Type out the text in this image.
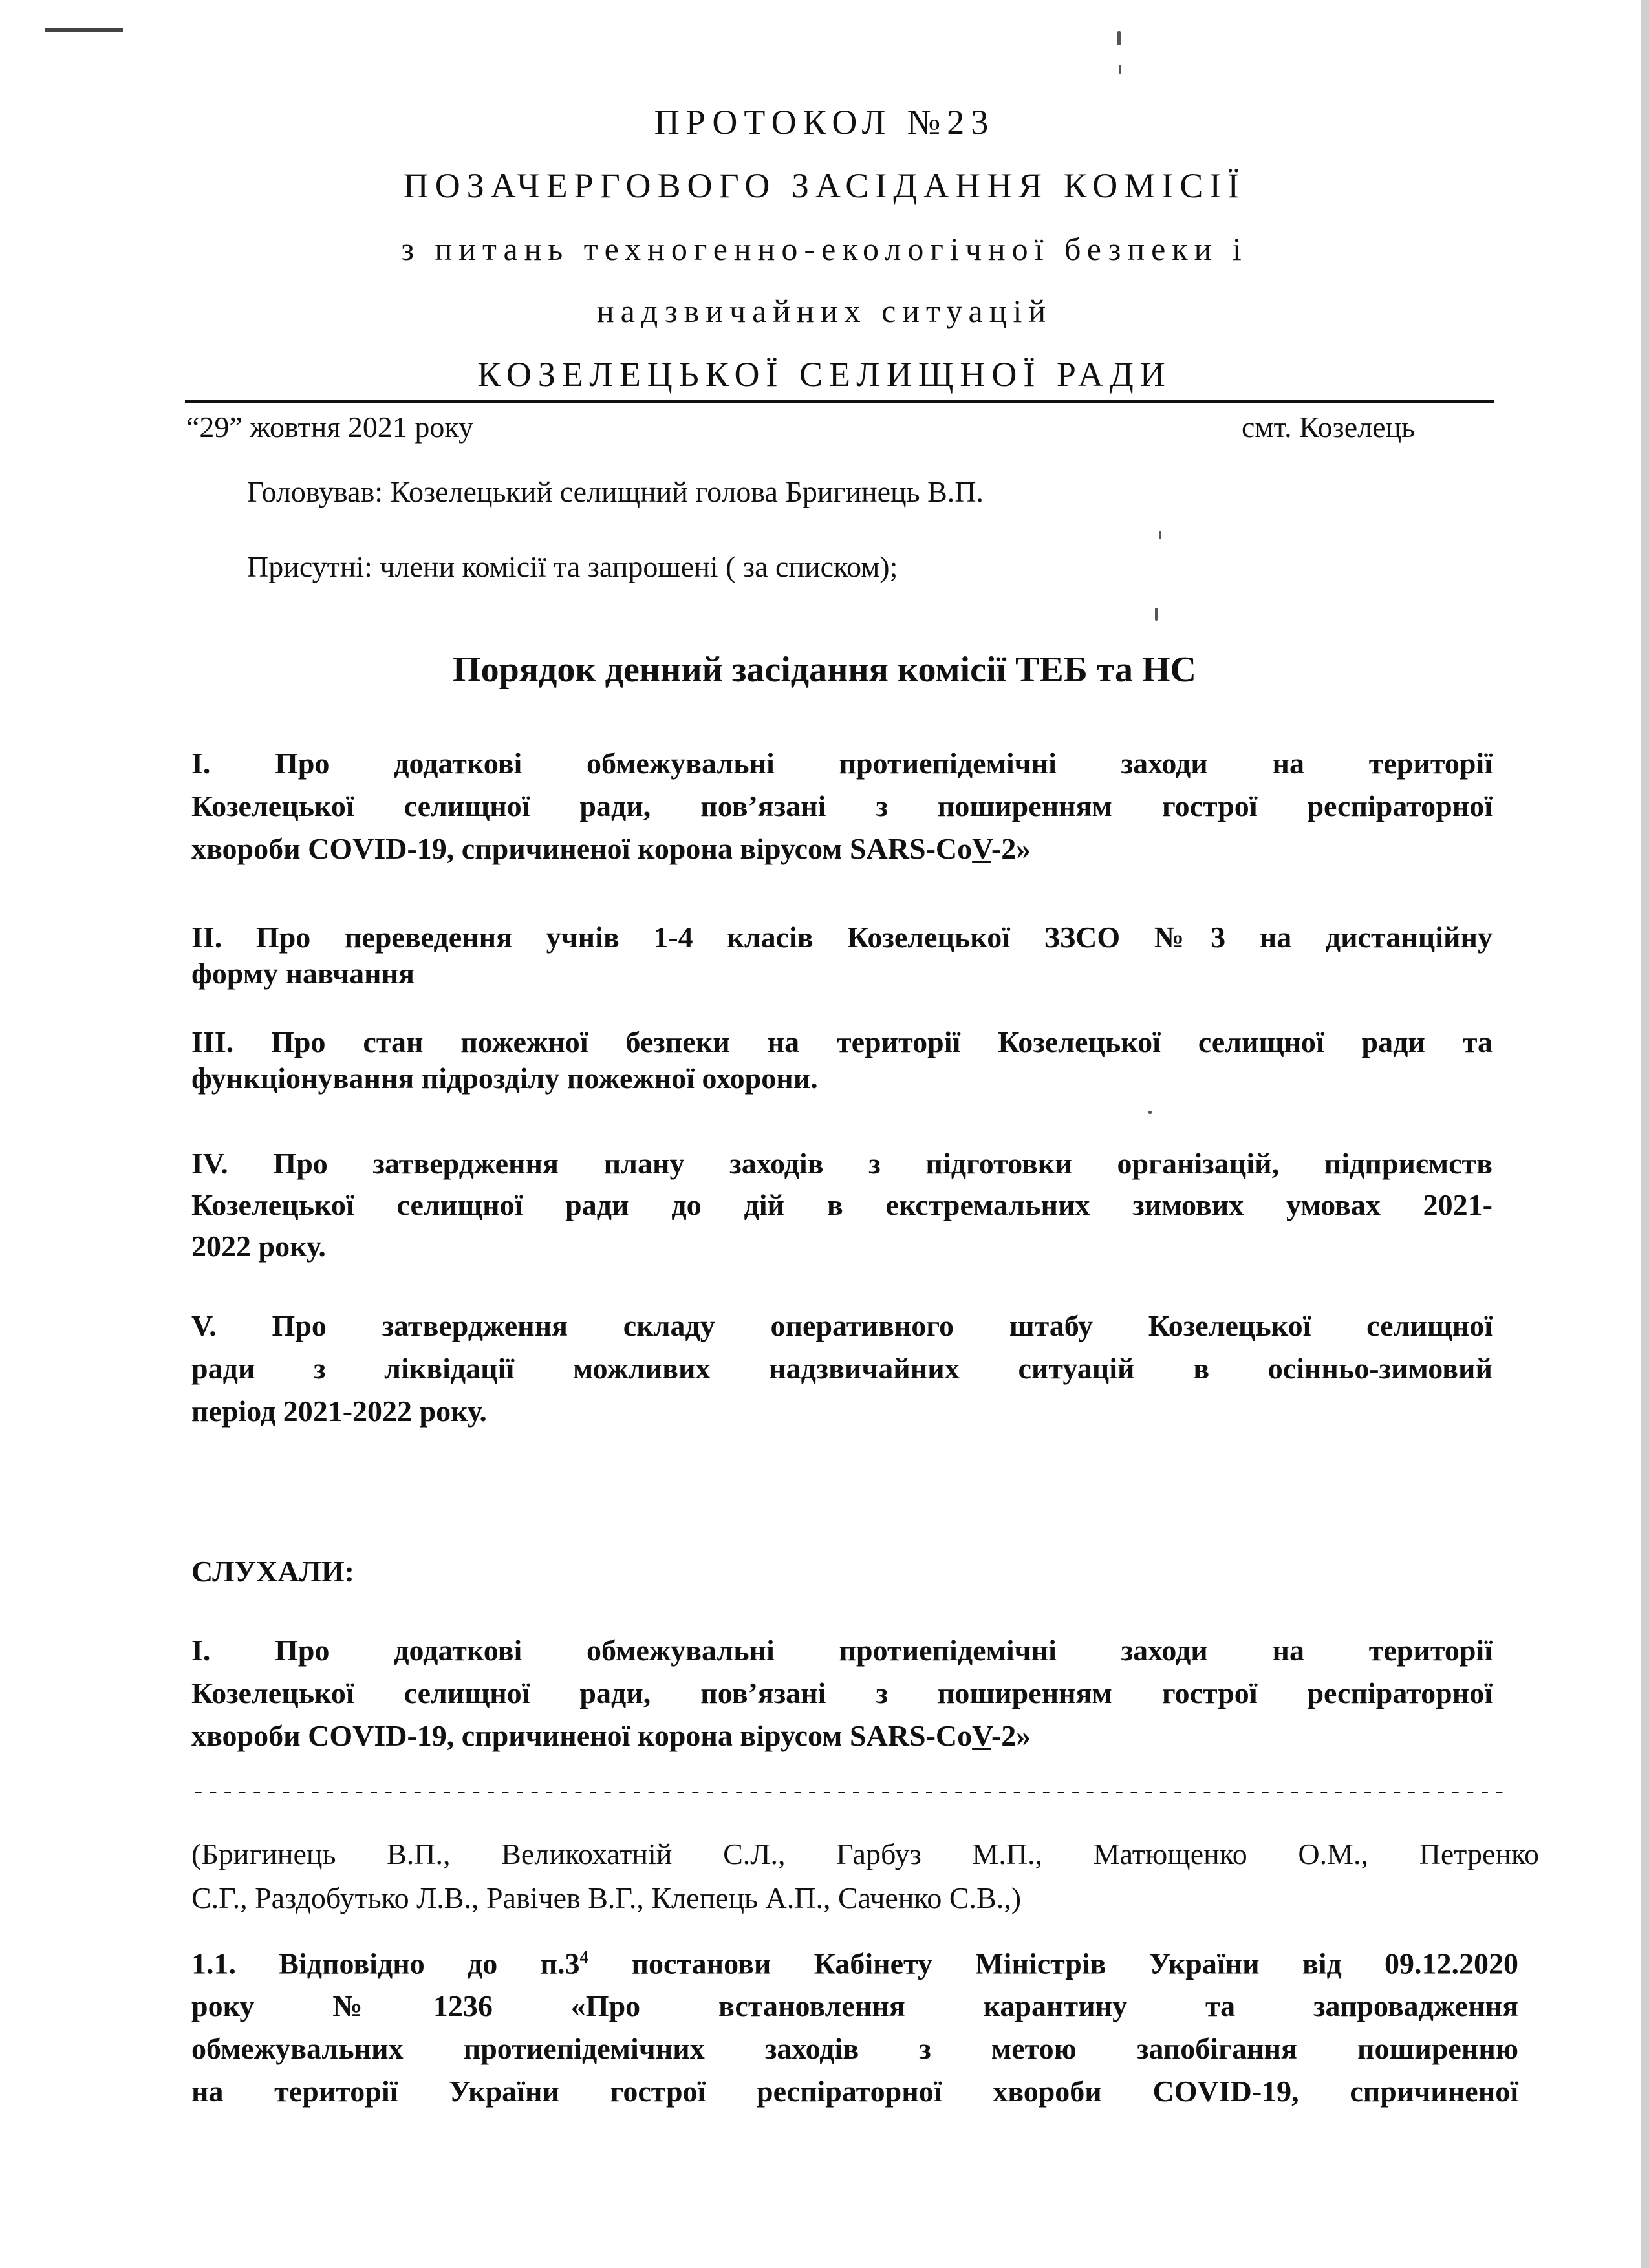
ПРОТОКОЛ №23
ПОЗАЧЕРГОВОГО ЗАСІДАННЯ КОМІСІЇ
з питань техногенно-екологічної безпеки і
надзвичайних ситуацій
КОЗЕЛЕЦЬКОЇ СЕЛИЩНОЇ РАДИ
“29” жовтня 2021 року	смт. Козелець
Головував: Козелецький селищний голова Бригинець В.П.
Присутні: члени комісії та запрошені ( за списком);
Порядок денний засідання комісії ТЕБ та НС
I. Про додаткові обмежувальні протиепідемічні заходи на території
Козелецької селищної ради, пов’язані з поширенням гострої респіраторної
хвороби COVID-19, спричиненої корона вірусом SARS-CoV-2»
II. Про переведення учнів 1-4 класів Козелецької ЗЗСО №3 на дистанційну
форму навчання
III. Про стан пожежної безпеки на території Козелецької селищної ради та
функціонування підрозділу пожежної охорони.
IV. Про затвердження плану заходів з підготовки організацій, підприємств
Козелецької селищної ради до дій в екстремальних зимових умовах 2021-
2022 року.
V. Про затвердження складу оперативного штабу Козелецької селищної
ради з ліквідації можливих надзвичайних ситуацій в осінньо-зимовий
період 2021-2022 року.
СЛУХАЛИ:
I. Про додаткові обмежувальні протиепідемічні заходи на території
Козелецької селищної ради, пов’язані з поширенням гострої респіраторної
хвороби COVID-19, спричиненої корона вірусом SARS-CoV-2»
------------------------------------------------------------------------------------------
(Бригинець В.П., Великохатній С.Л., Гарбуз М.П., Матющенко О.М., Петренко
С.Г., Раздобутько Л.В., Равічев В.Г., Клепець А.П., Саченко С.В.,)
1.1. Відповідно до $п.3^4$ постанови Кабінету Міністрів України від 09.12.2020
року №1236 «Про встановлення карантину та запровадження
обмежувальних протиепідемічних заходів з метою запобігання поширенню
на території України гострої респіраторної хвороби COVID-19, спричиненої
